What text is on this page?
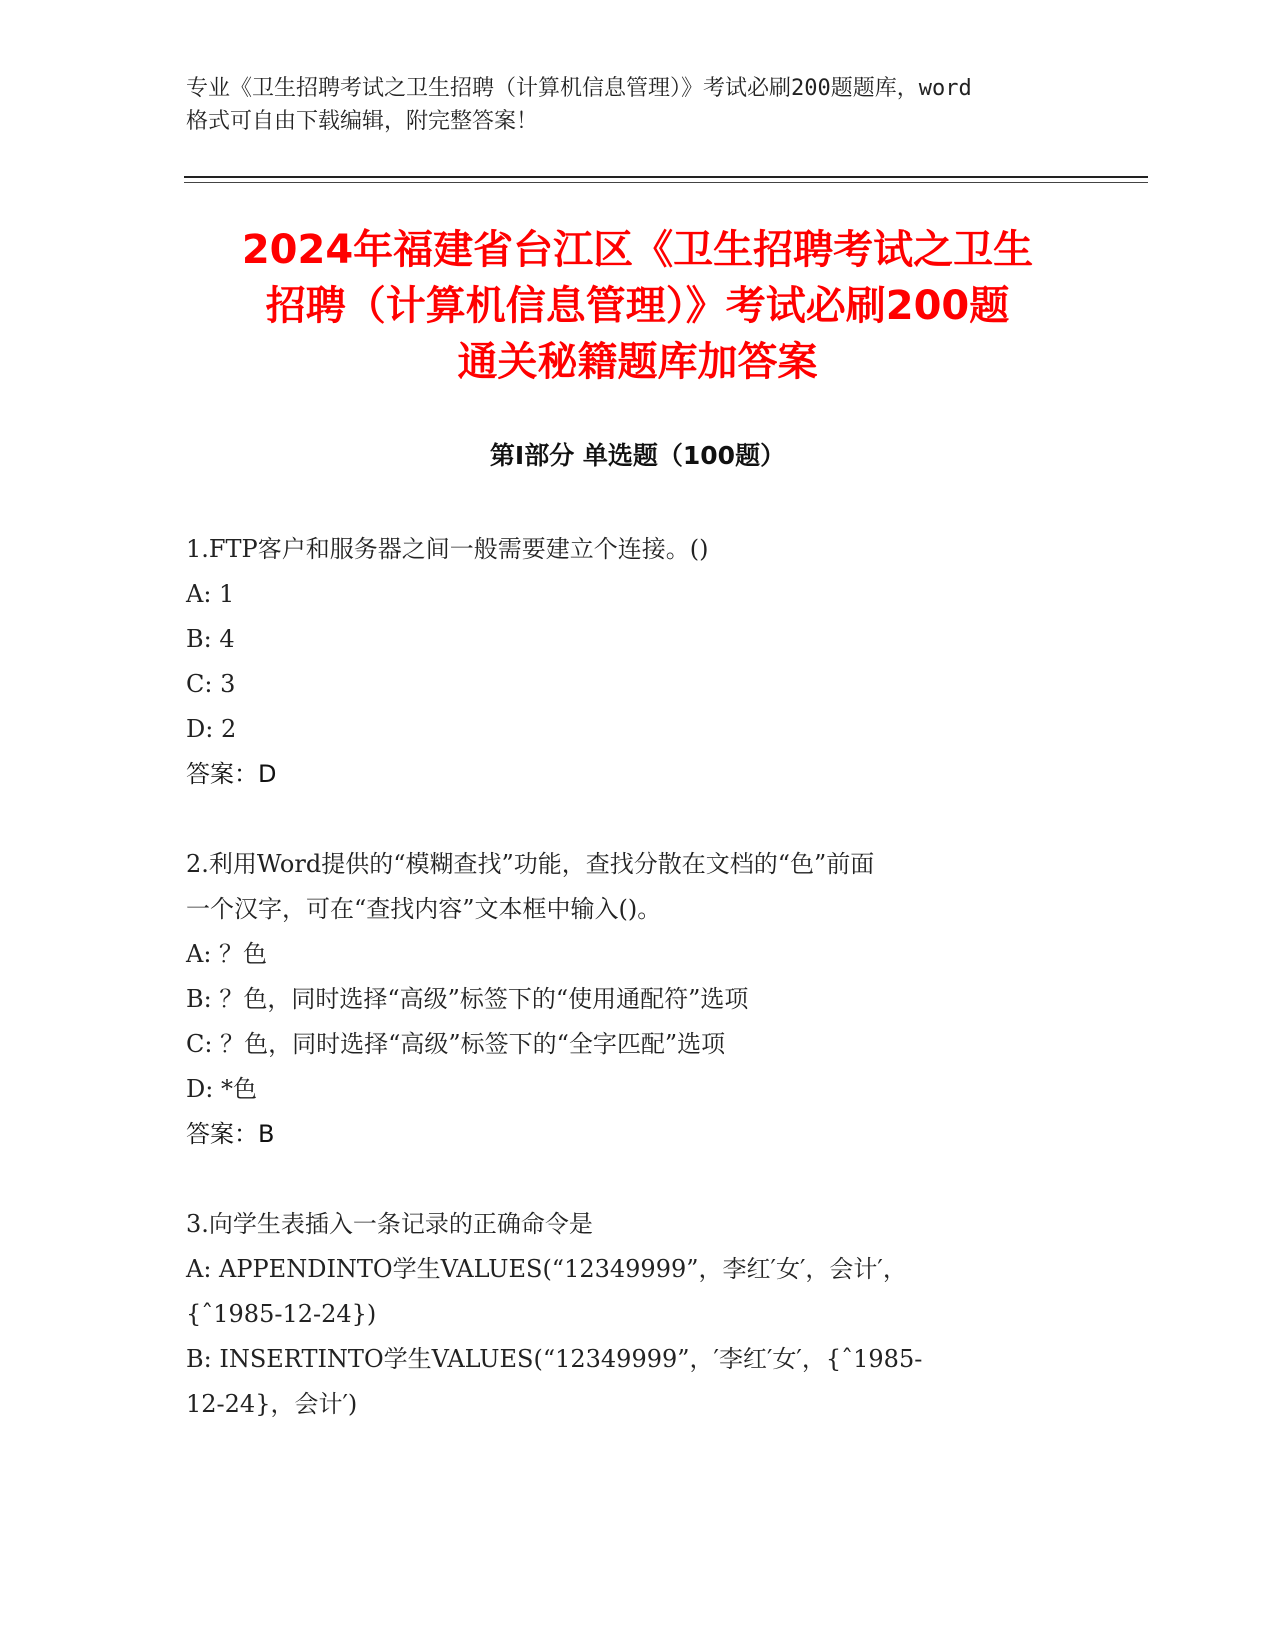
专业《卫生招聘考试之卫生招聘（计算机信息管理）》考试必刷200题题库，word
格式可自由下载编辑，附完整答案！
2024年福建省台江区《卫生招聘考试之卫生
招聘（计算机信息管理）》考试必刷200题
通关秘籍题库加答案
第Ⅰ部分 单选题（100题）
1.FTP客户和服务器之间一般需要建立个连接。()
A: 1
B: 4
C: 3
D: 2
答案：D
2.利用Word提供的“模糊查找”功能，查找分散在文档的“色”前面
一个汉字，可在“查找内容”文本框中输入()。
A: ？色
B: ？色，同时选择“高级”标签下的“使用通配符”选项
C: ？色，同时选择“高级”标签下的“全字匹配”选项
D: *色
答案：B
3.向学生表插入一条记录的正确命令是
A: APPENDINTO学生VALUES(“12349999”，李红′女′，会计′，
{ˆ1985-12-24})
B: INSERTINTO学生VALUES(“12349999”，′李红′女′，{ˆ1985-
12-24}，会计′)
